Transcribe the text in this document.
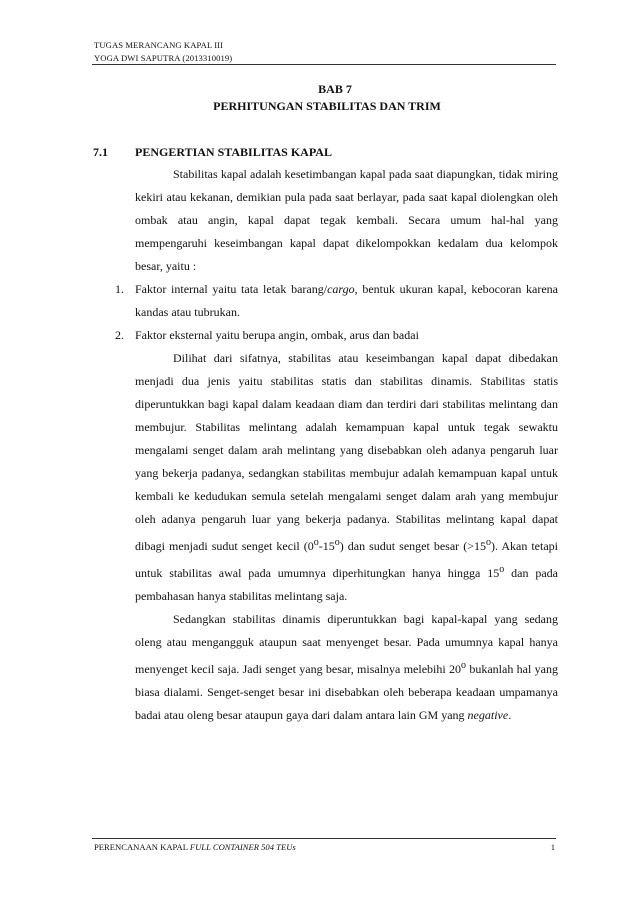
TUGAS MERANCANG KAPAL III
YOGA DWI SAPUTRA (2013310019)
BAB 7
PERHITUNGAN STABILITAS DAN TRIM
7.1 PENGERTIAN STABILITAS KAPAL

Stabilitas kapal adalah kesetimbangan kapal pada saat diapungkan, tidak miring kekiri atau kekanan, demikian pula pada saat berlayar, pada saat kapal diolengkan oleh ombak atau angin, kapal dapat tegak kembali. Secara umum hal-hal yang mempengaruhi keseimbangan kapal dapat dikelompokkan kedalam dua kelompok besar, yaitu :

1. Faktor internal yaitu tata letak barang/cargo, bentuk ukuran kapal, kebocoran karena kandas atau tubrukan.

2. Faktor eksternal yaitu berupa angin, ombak, arus dan badai

Dilihat dari sifatnya, stabilitas atau keseimbangan kapal dapat dibedakan menjadi dua jenis yaitu stabilitas statis dan stabilitas dinamis. Stabilitas statis diperuntukkan bagi kapal dalam keadaan diam dan terdiri dari stabilitas melintang dan membujur. Stabilitas melintang adalah kemampuan kapal untuk tegak sewaktu mengalami senget dalam arah melintang yang disebabkan oleh adanya pengaruh luar yang bekerja padanya, sedangkan stabilitas membujur adalah kemampuan kapal untuk kembali ke kedudukan semula setelah mengalami senget dalam arah yang membujur oleh adanya pengaruh luar yang bekerja padanya. Stabilitas melintang kapal dapat dibagi menjadi sudut senget kecil (0$^o$-15$^o$) dan sudut senget besar $(>15^o)$. Akan tetapi untuk stabilitas awal pada umumnya diperhitungkan hanya hingga 15$^o$ dan pada pembahasan hanya stabilitas melintang saja.

Sedangkan stabilitas dinamis diperuntukkan bagi kapal-kapal yang sedang oleng atau mengangguk ataupun saat menyenget besar. Pada umumnya kapal hanya menyenget kecil saja. Jadi senget yang besar, misalnya melebihi 20$^o$ bukanlah hal yang biasa dialami. Senget-senget besar ini disebabkan oleh beberapa keadaan umpamanya badai atau oleng besar ataupun gaya dari dalam antara lain GM yang negative.

PERENCANAAN KAPAL FULL CONTAINER 504 TEUs	1
